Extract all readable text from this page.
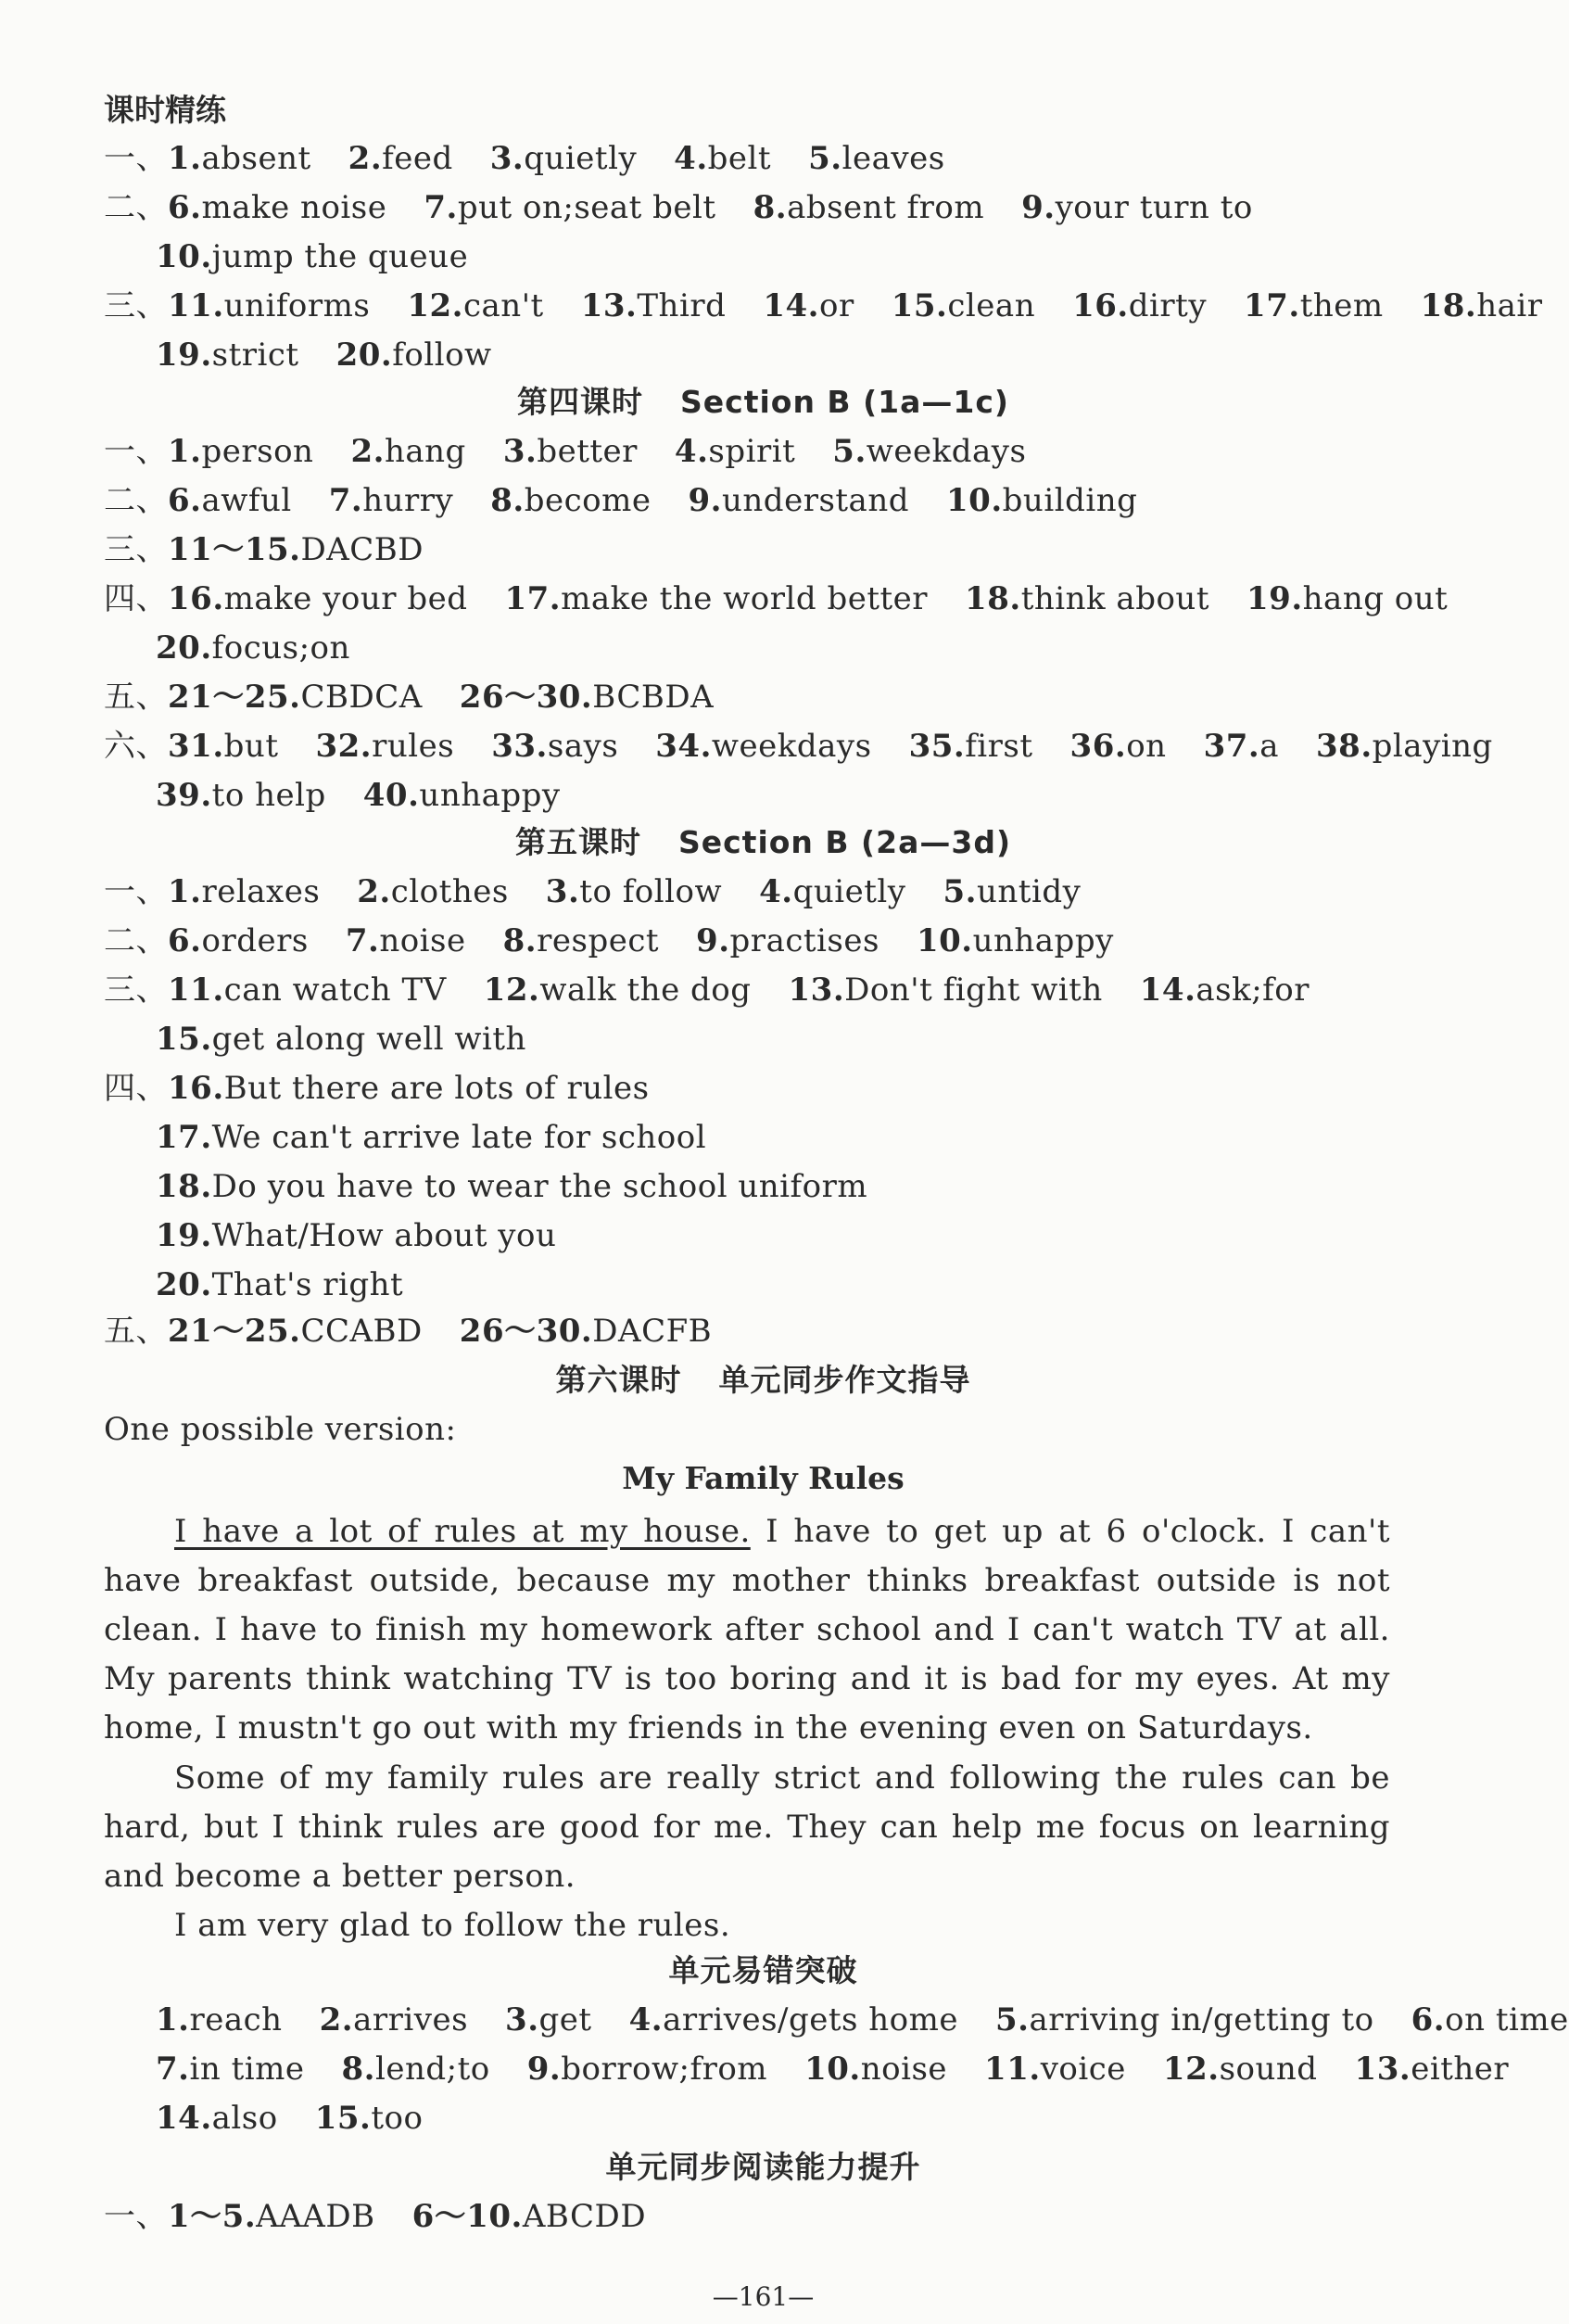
课时精练
一、1.absent 2.feed 3.quietly 4.belt 5.leaves
二、6.make noise 7.put on;seat belt 8.absent from 9.your turn to
10.jump the queue
三、11.uniforms 12.can't 13.Third 14.or 15.clean 16.dirty 17.them 18.hair
19.strict 20.follow
第四课时 Section B (1a—1c)
一、1.person 2.hang 3.better 4.spirit 5.weekdays
二、6.awful 7.hurry 8.become 9.understand 10.building
三、11～15.DACBD
四、16.make your bed 17.make the world better 18.think about 19.hang out
20.focus;on
五、21～25.CBDCA 26～30.BCBDA
六、31.but 32.rules 33.says 34.weekdays 35.first 36.on 37.a 38.playing
39.to help 40.unhappy
第五课时 Section B (2a—3d)
一、1.relaxes 2.clothes 3.to follow 4.quietly 5.untidy
二、6.orders 7.noise 8.respect 9.practises 10.unhappy
三、11.can watch TV 12.walk the dog 13.Don't fight with 14.ask;for
15.get along well with
四、16.But there are lots of rules
17.We can't arrive late for school
18.Do you have to wear the school uniform
19.What/How about you
20.That's right
五、21～25.CCABD 26～30.DACFB
第六课时 单元同步作文指导
One possible version:
My Family Rules
I have a lot of rules at my house. I have to get up at 6 o'clock. I can't have breakfast outside, because my mother thinks breakfast outside is not clean. I have to finish my homework after school and I can't watch TV at all. My parents think watching TV is too boring and it is bad for my eyes. At my home, I mustn't go out with my friends in the evening even on Saturdays.
Some of my family rules are really strict and following the rules can be hard, but I think rules are good for me. They can help me focus on learning and become a better person.
I am very glad to follow the rules.
单元易错突破
1.reach 2.arrives 3.get 4.arrives/gets home 5.arriving in/getting to 6.on time
7.in time 8.lend;to 9.borrow;from 10.noise 11.voice 12.sound 13.either
14.also 15.too
单元同步阅读能力提升
一、1～5.AAADB 6～10.ABCDD
—161—
